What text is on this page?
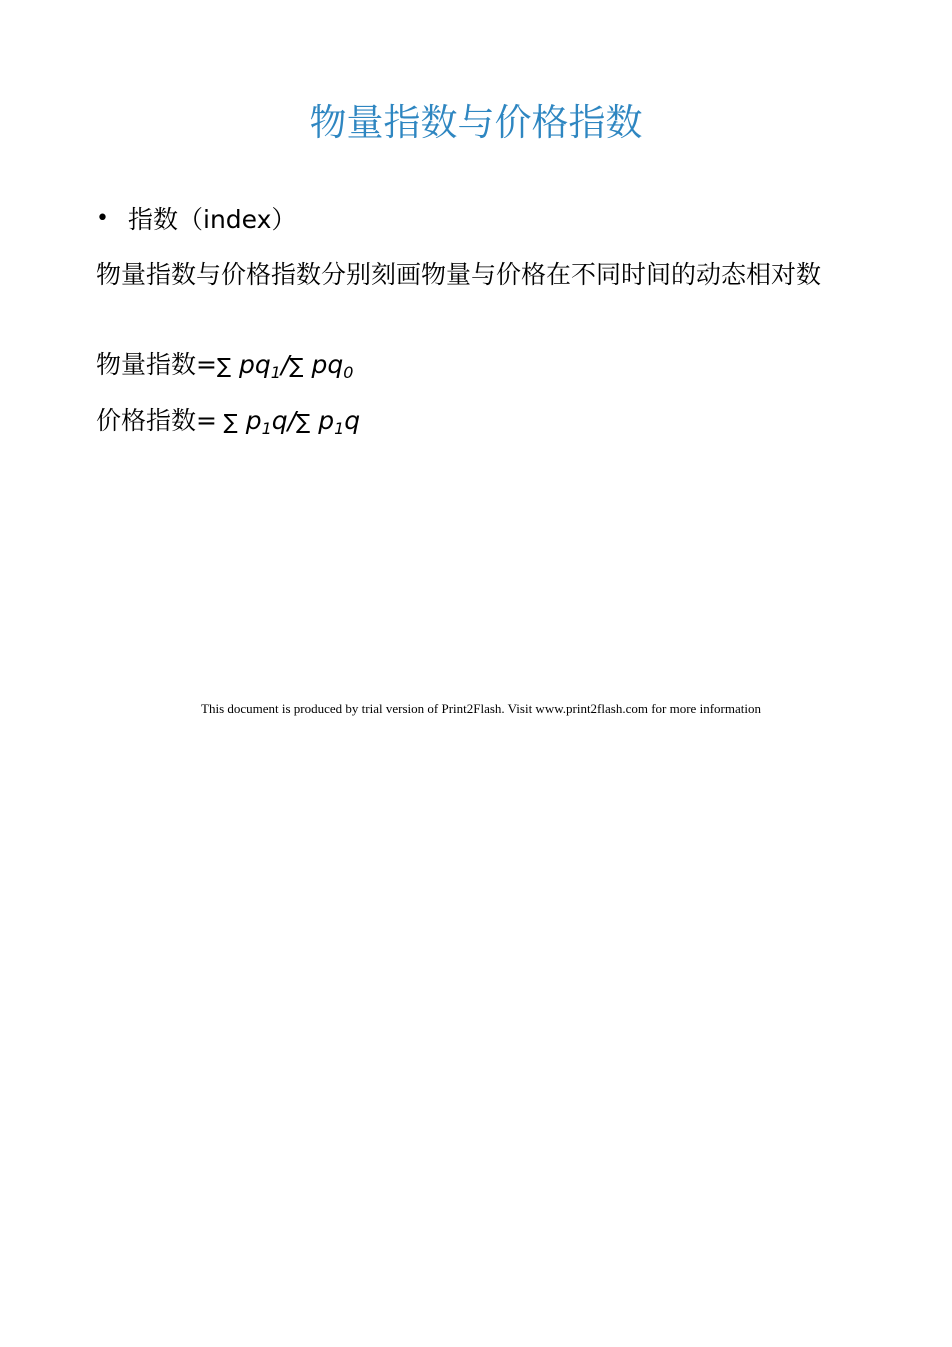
物量指数与价格指数
• 指数（index）

物量指数与价格指数分别刻画物量与价格在不同时间的动态相对数

物量指数=∑ $pq_1/\sum$ $pq_0$
价格指数= ∑ $p_1q/\sum$ $p_1q$
This document is produced by trial version of Print2Flash. Visit www.print2flash.com for more information
